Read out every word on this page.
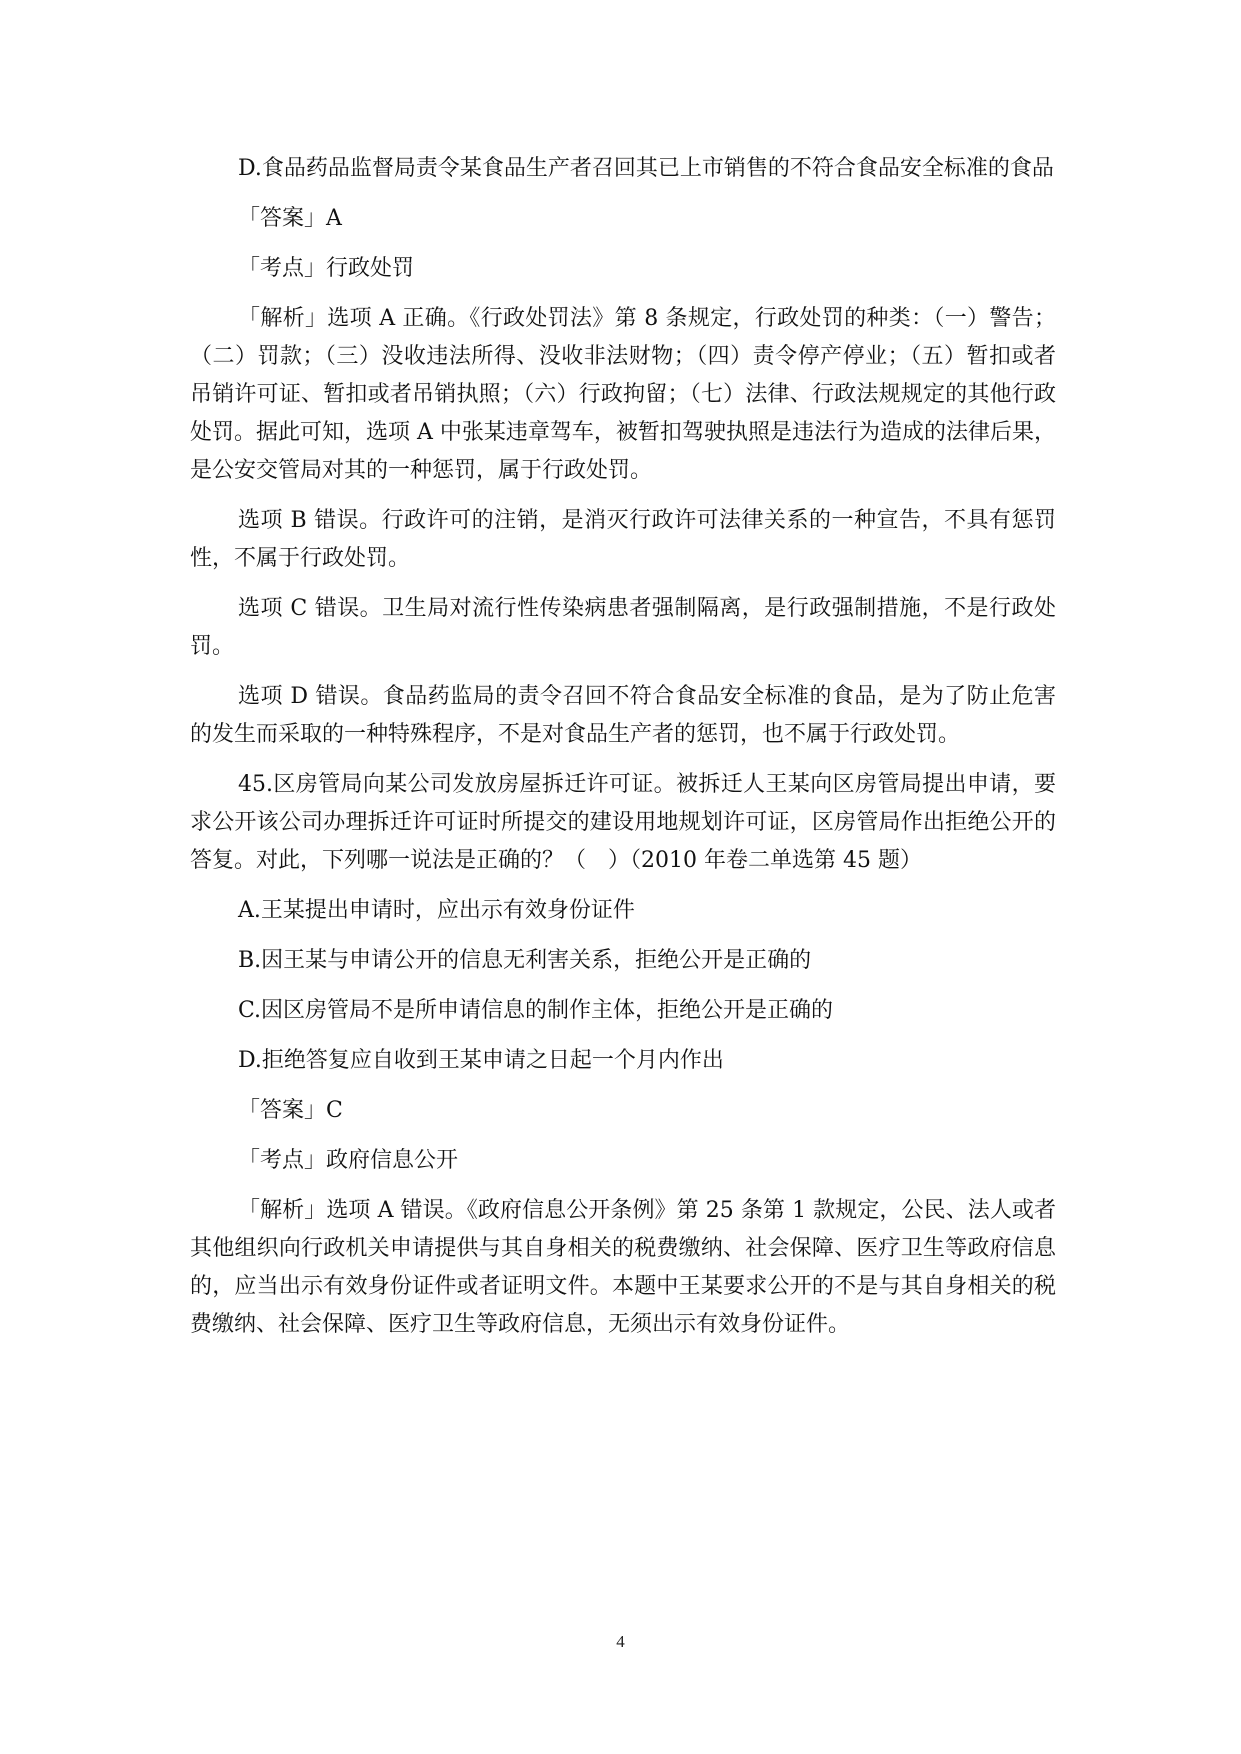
D.食品药品监督局责令某食品生产者召回其已上市销售的不符合食品安全标准的食品

「答案」A

「考点」行政处罚

「解析」选项 A 正确。《行政处罚法》第 8 条规定，行政处罚的种类：（一）警告；（二）罚款；（三）没收违法所得、没收非法财物；（四）责令停产停业；（五）暂扣或者吊销许可证、暂扣或者吊销执照；（六）行政拘留；（七）法律、行政法规规定的其他行政处罚。据此可知，选项 A 中张某违章驾车，被暂扣驾驶执照是违法行为造成的法律后果，是公安交管局对其的一种惩罚，属于行政处罚。

选项 B 错误。行政许可的注销，是消灭行政许可法律关系的一种宣告，不具有惩罚性，不属于行政处罚。

选项 C 错误。卫生局对流行性传染病患者强制隔离，是行政强制措施，不是行政处罚。

选项 D 错误。食品药监局的责令召回不符合食品安全标准的食品，是为了防止危害的发生而采取的一种特殊程序，不是对食品生产者的惩罚，也不属于行政处罚。

45.区房管局向某公司发放房屋拆迁许可证。被拆迁人王某向区房管局提出申请，要求公开该公司办理拆迁许可证时所提交的建设用地规划许可证，区房管局作出拒绝公开的答复。对此，下列哪一说法是正确的？（　）（2010 年卷二单选第 45 题）

A.王某提出申请时，应出示有效身份证件

B.因王某与申请公开的信息无利害关系，拒绝公开是正确的

C.因区房管局不是所申请信息的制作主体，拒绝公开是正确的

D.拒绝答复应自收到王某申请之日起一个月内作出

「答案」C

「考点」政府信息公开

「解析」选项 A 错误。《政府信息公开条例》第 25 条第 1 款规定，公民、法人或者其他组织向行政机关申请提供与其自身相关的税费缴纳、社会保障、医疗卫生等政府信息的，应当出示有效身份证件或者证明文件。本题中王某要求公开的不是与其自身相关的税费缴纳、社会保障、医疗卫生等政府信息，无须出示有效身份证件。

4
